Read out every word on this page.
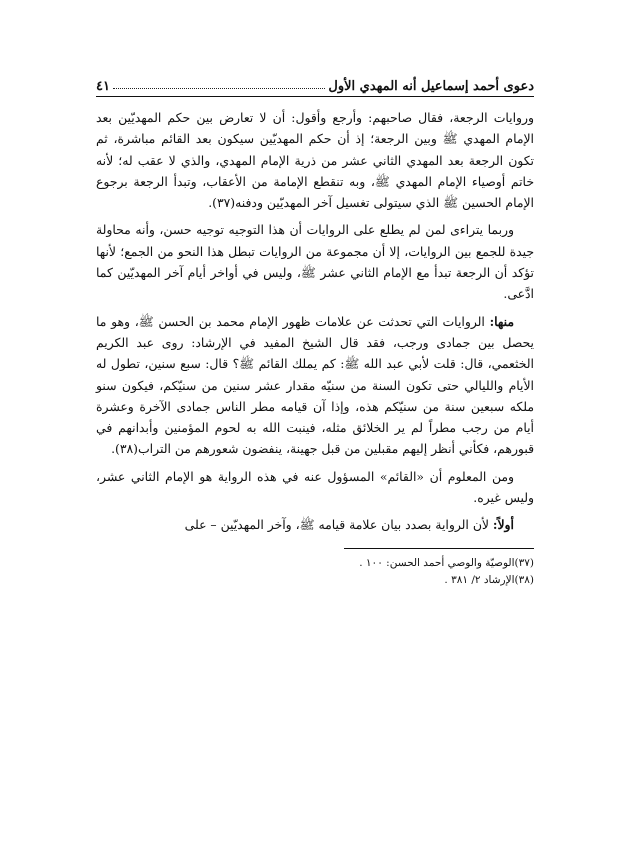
دعوى أحمد إسماعيل أنه المهدي الأول
٤١

وروايات الرجعة، فقال صاحبهم: وأرجع وأقول: أن لا تعارض بين حكم المهديّين بعد الإمام المهدي ﷺ وبين الرجعة؛ إذ أن حكم المهديّين سيكون بعد القائم مباشرة، ثم تكون الرجعة بعد المهدي الثاني عشر من ذرية الإمام المهدي، والذي لا عقب له؛ لأنه خاتم أوصياء الإمام المهدي ﷺ، وبه تنقطع الإمامة من الأعقاب، وتبدأ الرجعة برجوع الإمام الحسين ﷺ الذي سيتولى تغسيل آخر المهديّين ودفنه(٣٧).

وربما يتراءى لمن لم يطلع على الروايات أن هذا التوجيه توجيه حسن، وأنه محاولة جيدة للجمع بين الروايات، إلا أن مجموعة من الروايات تبطل هذا النحو من الجمع؛ لأنها تؤكد أن الرجعة تبدأ مع الإمام الثاني عشر ﷺ، وليس في أواخر أيام آخر المهديّين كما ادَّعى.

منها: الروايات التي تحدثت عن علامات ظهور الإمام محمد بن الحسن ﷺ، وهو ما يحصل بين جمادى ورجب، فقد قال الشيخ المفيد في الإرشاد: روى عبد الكريم الخثعمي، قال: قلت لأبي عبد الله ﷺ: كم يملك القائم ﷺ؟ قال: سبع سنين، تطول له الأيام والليالي حتى تكون السنة من سنيّه مقدار عشر سنين من سنيّكم، فيكون سنو ملكه سبعين سنة من سنيّكم هذه، وإذا آن قيامه مطر الناس جمادى الآخرة وعشرة أيام من رجب مطراً لم ير الخلائق مثله، فينبت الله به لحوم المؤمنين وأبدانهم في قبورهم، فكأني أنظر إليهم مقبلين من قبل جهينة، ينفضون شعورهم من التراب(٣٨).

ومن المعلوم أن «القائم» المسؤول عنه في هذه الرواية هو الإمام الثاني عشر، وليس غيره.

أولاً: لأن الرواية بصدد بيان علامة قيامه ﷺ، وآخر المهديّين – على

(٣٧)الوصيّة والوصي أحمد الحسن: ١٠٠ .

(٣٨)الإرشاد ٢/ ٣٨١ .
